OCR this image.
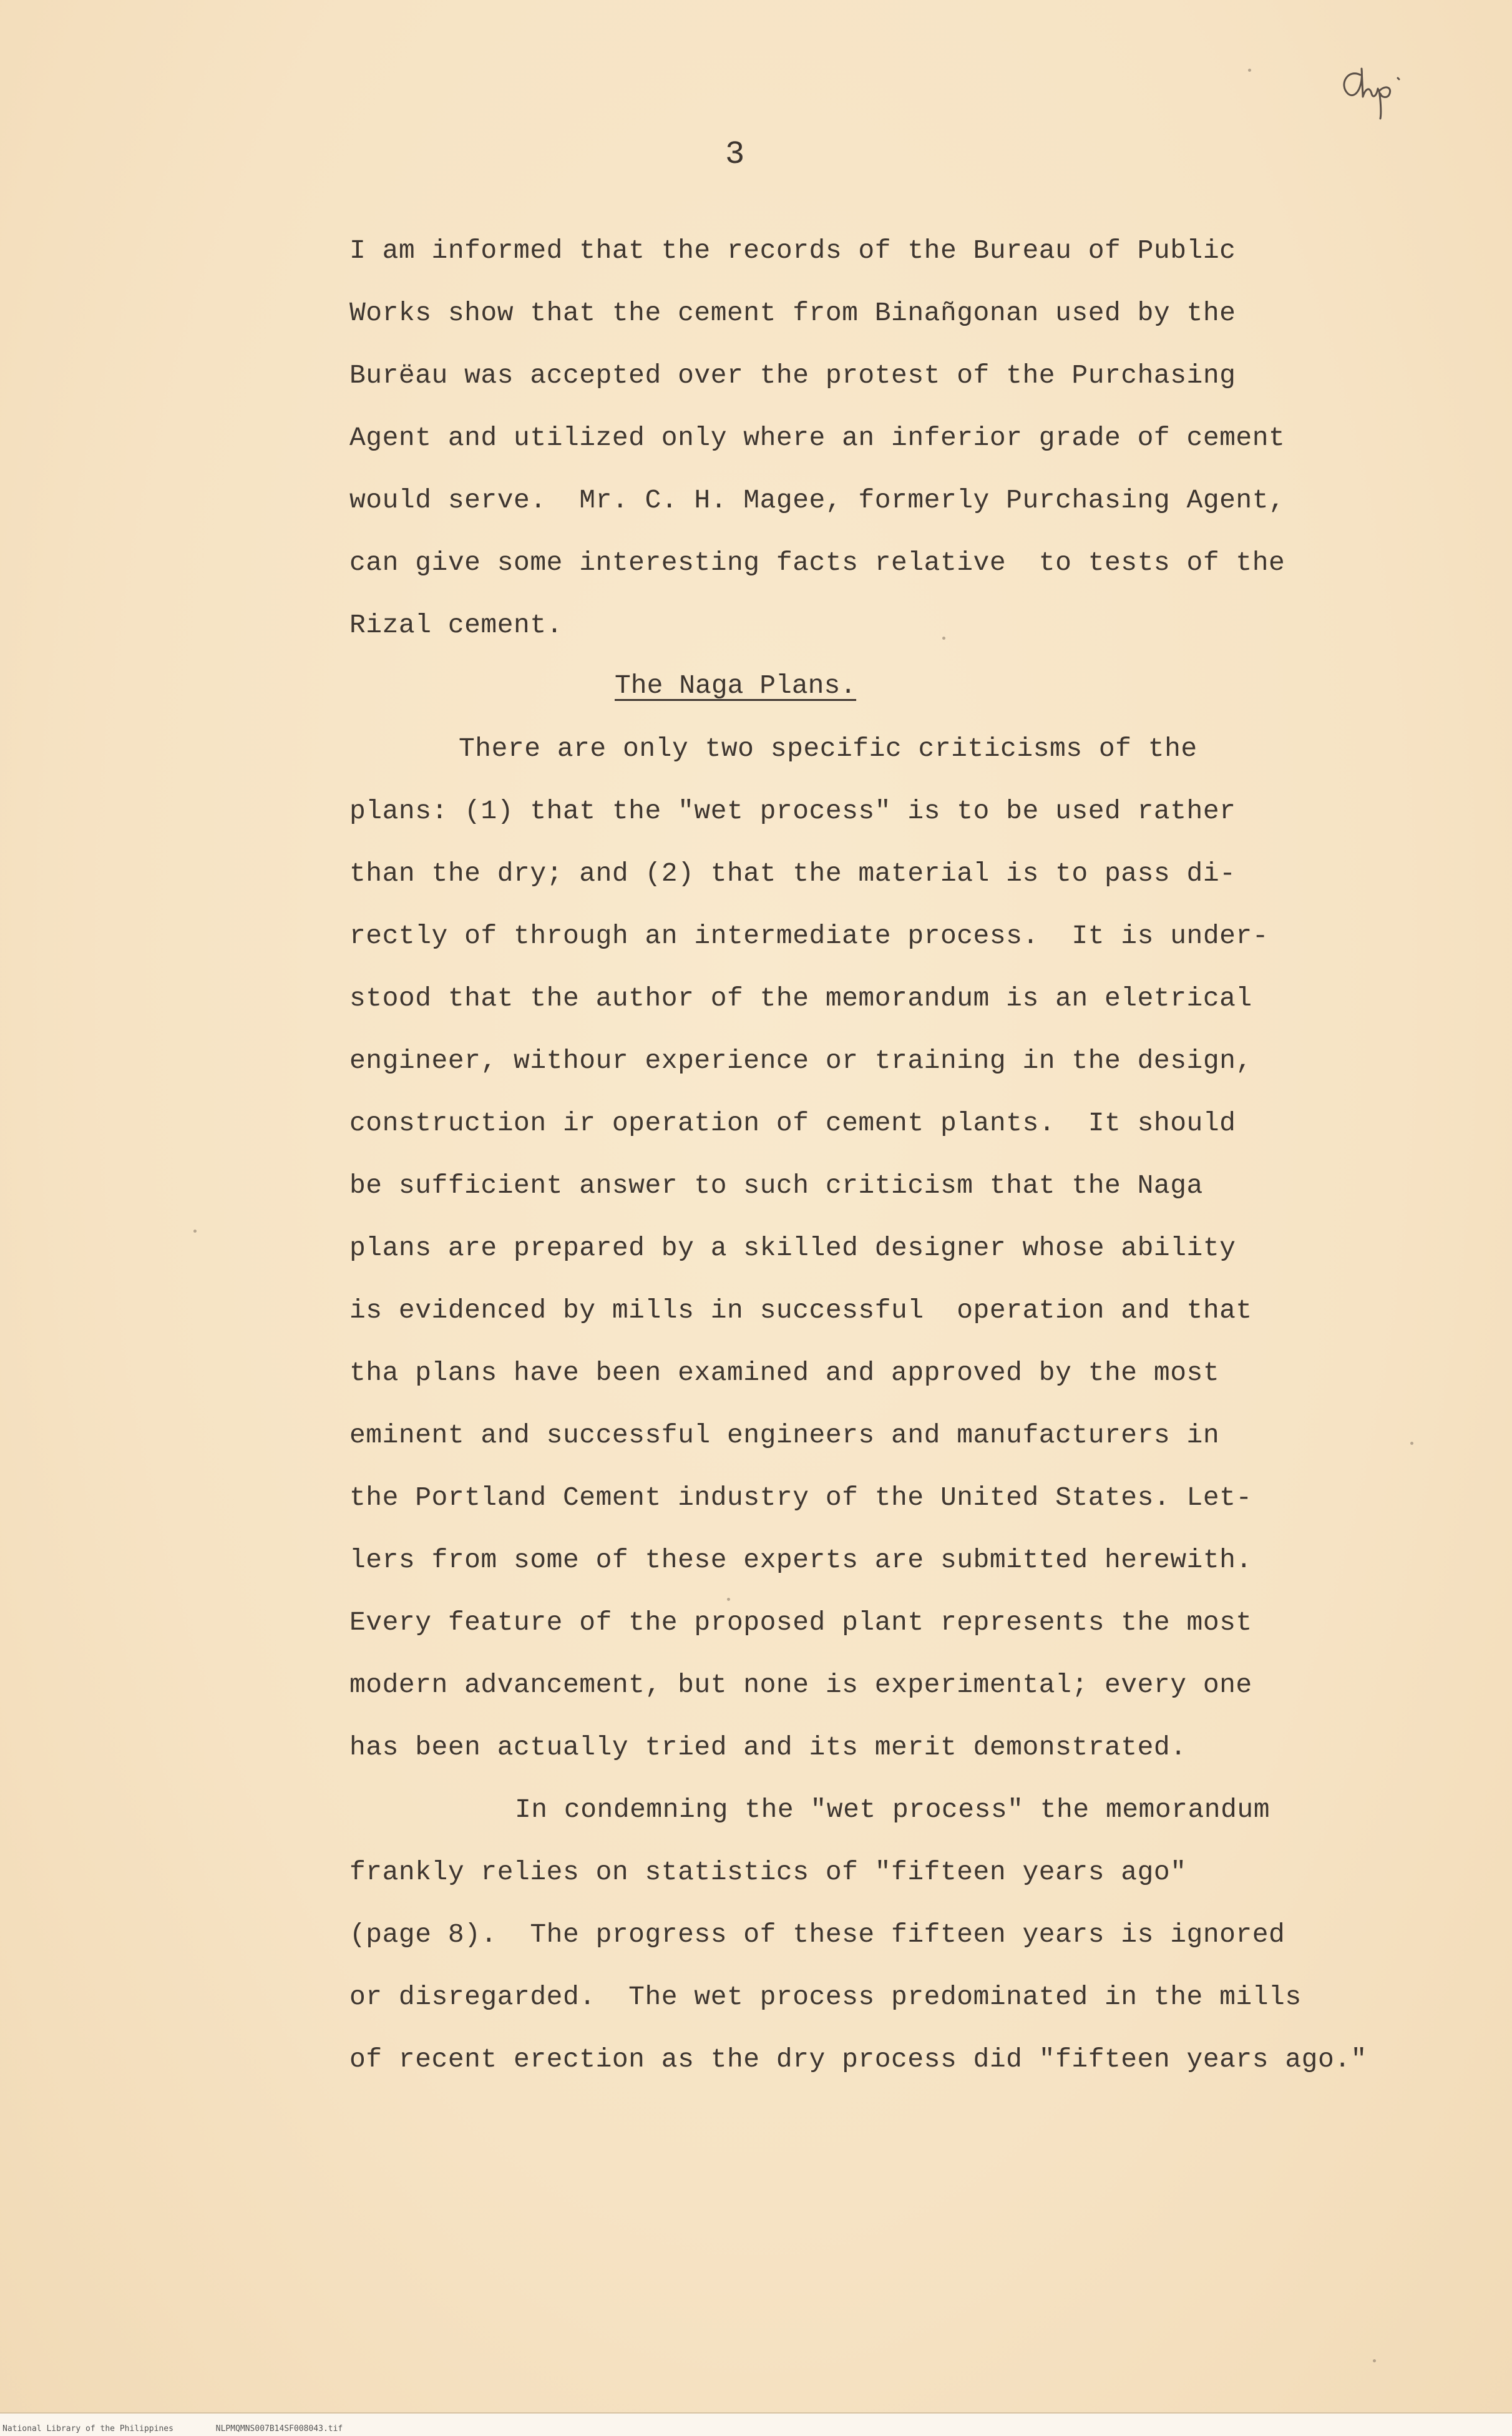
3
I am informed that the records of the Bureau of Public
Works show that the cement from Binañgonan used by the
Burëau was accepted over the protest of the Purchasing
Agent and utilized only where an inferior grade of cement
would serve.  Mr. C. H. Magee, formerly Purchasing Agent,
can give some interesting facts relative  to tests of the
Rizal cement.
The Naga Plans.
There are only two specific criticisms of the
plans: (1) that the "wet process" is to be used rather
than the dry; and (2) that the material is to pass di-
rectly of through an intermediate process.  It is under-
stood that the author of the memorandum is an eletrical
engineer, withour experience or training in the design,
construction ir operation of cement plants.  It should
be sufficient answer to such criticism that the Naga
plans are prepared by a skilled designer whose ability
is evidenced by mills in successful  operation and that
tha plans have been examined and approved by the most
eminent and successful engineers and manufacturers in
the Portland Cement industry of the United States. Let-
lers from some of these experts are submitted herewith.
Every feature of the proposed plant represents the most
modern advancement, but none is experimental; every one
has been actually tried and its merit demonstrated.
In condemning the "wet process" the memorandum
frankly relies on statistics of "fifteen years ago"
(page 8).  The progress of these fifteen years is ignored
or disregarded.  The wet process predominated in the mills
of recent erection as the dry process did "fifteen years ago."
National Library of the Philippines	NLPMQMNS007B14SF008043.tif
